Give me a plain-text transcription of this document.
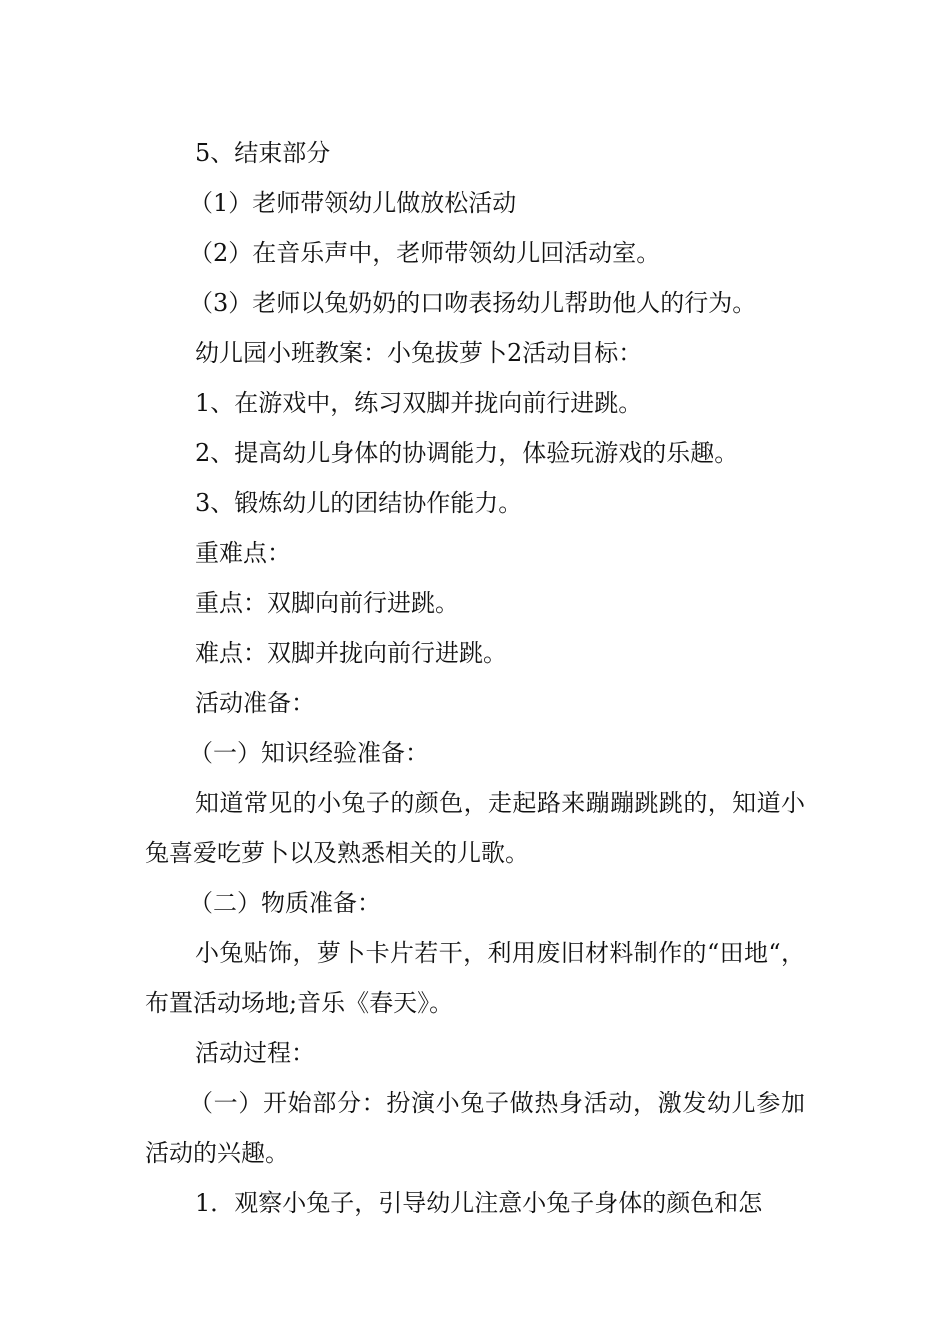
5、结束部分

（1）老师带领幼儿做放松活动

（2）在音乐声中，老师带领幼儿回活动室。

（3）老师以兔奶奶的口吻表扬幼儿帮助他人的行为。

幼儿园小班教案：小兔拔萝卜2活动目标：

1、在游戏中，练习双脚并拢向前行进跳。

2、提高幼儿身体的协调能力，体验玩游戏的乐趣。

3、锻炼幼儿的团结协作能力。

重难点：

重点：双脚向前行进跳。

难点：双脚并拢向前行进跳。

活动准备：

（一）知识经验准备：

知道常见的小兔子的颜色，走起路来蹦蹦跳跳的，知道小兔喜爱吃萝卜以及熟悉相关的儿歌。

（二）物质准备：

小兔贴饰，萝卜卡片若干，利用废旧材料制作的“田地“，布置活动场地;音乐《春天》。

活动过程：

（一）开始部分：扮演小兔子做热身活动，激发幼儿参加活动的兴趣。

1．观察小兔子，引导幼儿注意小兔子身体的颜色和怎
